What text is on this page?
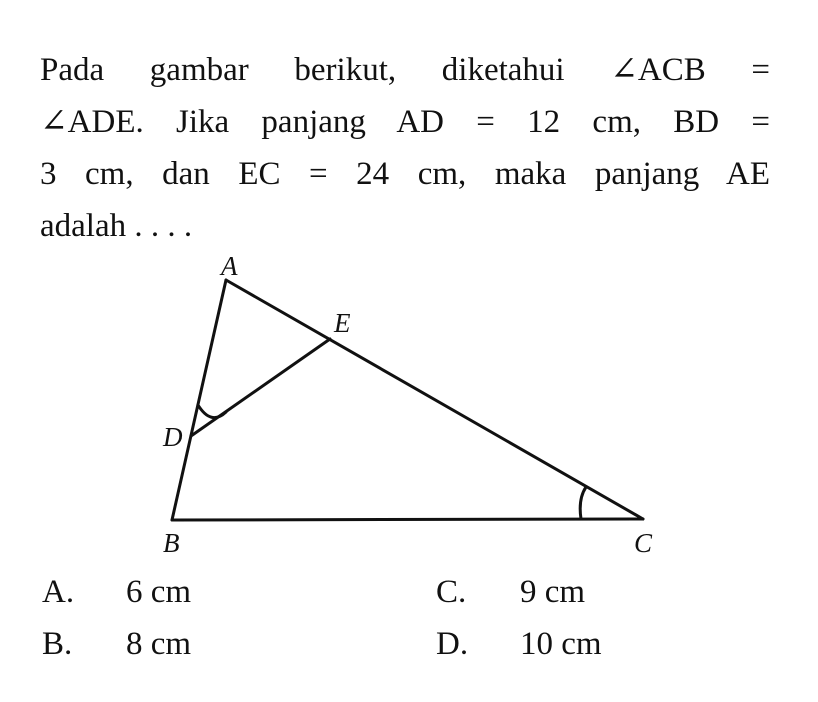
Pada gambar berikut, diketahui ∠ACB =
∠ADE. Jika panjang AD = 12 cm, BD =
3 cm, dan EC = 24 cm, maka panjang AE
adalah . . . .
A
E
D
B	C
A.	6 cm
B.	8 cm
C.	9 cm
D.	10 cm
